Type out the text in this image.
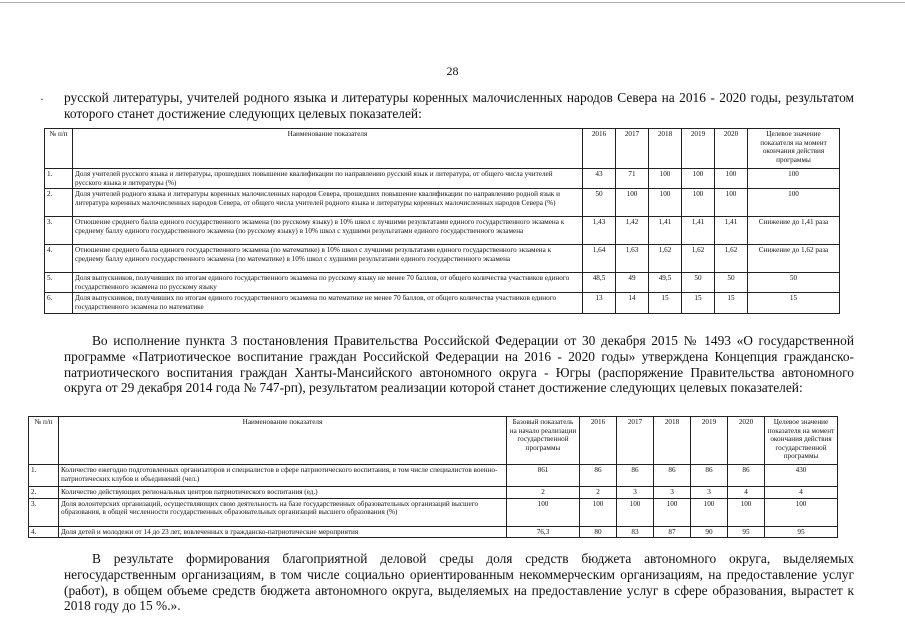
28
· русской литературы, учителей родного языка и литературы коренных малочисленных народов Севера на 2016 - 2020 годы, результатом которого станет достижение следующих целевых показателей:
№ п/п	Наименование показателя	2016	2017	2018	2019	2020	Целевое значение показателя на момент окончания действия программы
1.	Доля учителей русского языка и литературы, прошедших повышение квалификации по направлению русский язык и литература, от общего числа учителей русского языка и литературы (%)	43	71	100	100	100	100
2.	Доля учителей родного языка и литературы коренных малочисленных народов Севера, прошедших повышение квалификации по направлению родной язык и литература коренных малочисленных народов Севера, от общего числа учителей родного языка и литературы коренных малочисленных народов Севера (%)	50	100	100	100	100	100
3.	Отношение среднего балла единого государственного экзамена (по русскому языку) в 10% школ с лучшими результатами единого государственного экзамена к среднему баллу единого государственного экзамена (по русскому языку) в 10% школ с худшими результатами единого государственного экзамена	1,43	1,42	1,41	1,41	1,41	Снижение до 1,41 раза
4.	Отношение среднего балла единого государственного экзамена (по математике) в 10% школ с лучшими результатами единого государственного экзамена к среднему баллу единого государственного экзамена (по математике) в 10% школ с худшими результатами единого государственного экзамена	1,64	1,63	1,62	1,62	1,62	Снижение до 1,62 раза
5.	Доля выпускников, получивших по итогам единого государственного экзамена по русскому языку не менее 70 баллов, от общего количества участников единого государственного экзамена по русскому языку	48,5	49	49,5	50	50	50
6.	Доля выпускников, получивших по итогам единого государственного экзамена по математике не менее 70 баллов, от общего количества участников единого государственного экзамена по математике	13	14	15	15	15	15
Во исполнение пункта 3 постановления Правительства Российской Федерации от 30 декабря 2015 № 1493 «О государственной программе «Патриотическое воспитание граждан Российской Федерации на 2016 - 2020 годы» утверждена Концепция гражданско-патриотического воспитания граждан Ханты-Мансийского автономного округа - Югры (распоряжение Правительства автономного округа от 29 декабря 2014 года № 747-рп), результатом реализации которой станет достижение следующих целевых показателей:
№ п/п	Наименование показателя	Базовый показатель на начало реализации государственной программы	2016	2017	2018	2019	2020	Целевое значение показателя на момент окончания действия государственной программы
1.	Количество ежегодно подготовленных организаторов и специалистов в сфере патриотического воспитания, в том числе специалистов военно-патриотических клубов и объединений (чел.)	861	86	86	86	86	86	430
2.	Количество действующих региональных центров патриотического воспитания (ед.)	2	2	3	3	3	4	4
3.	Доля волонтерских организаций, осуществляющих свою деятельность на базе государственных образовательных организаций высшего образования, в общей численности государственных образовательных организаций высшего образования (%)	100	100	100	100	100	100	100
4.	Доля детей и молодежи от 14 до 23 лет, вовлеченных в гражданско-патриотические мероприятия	76,3	80	83	87	90	95	95
В результате формирования благоприятной деловой среды доля средств бюджета автономного округа, выделяемых негосударственным организациям, в том числе социально ориентированным некоммерческим организациям, на предоставление услуг (работ), в общем объеме средств бюджета автономного округа, выделяемых на предоставление услуг в сфере образования, вырастет к 2018 году до 15 %.».
